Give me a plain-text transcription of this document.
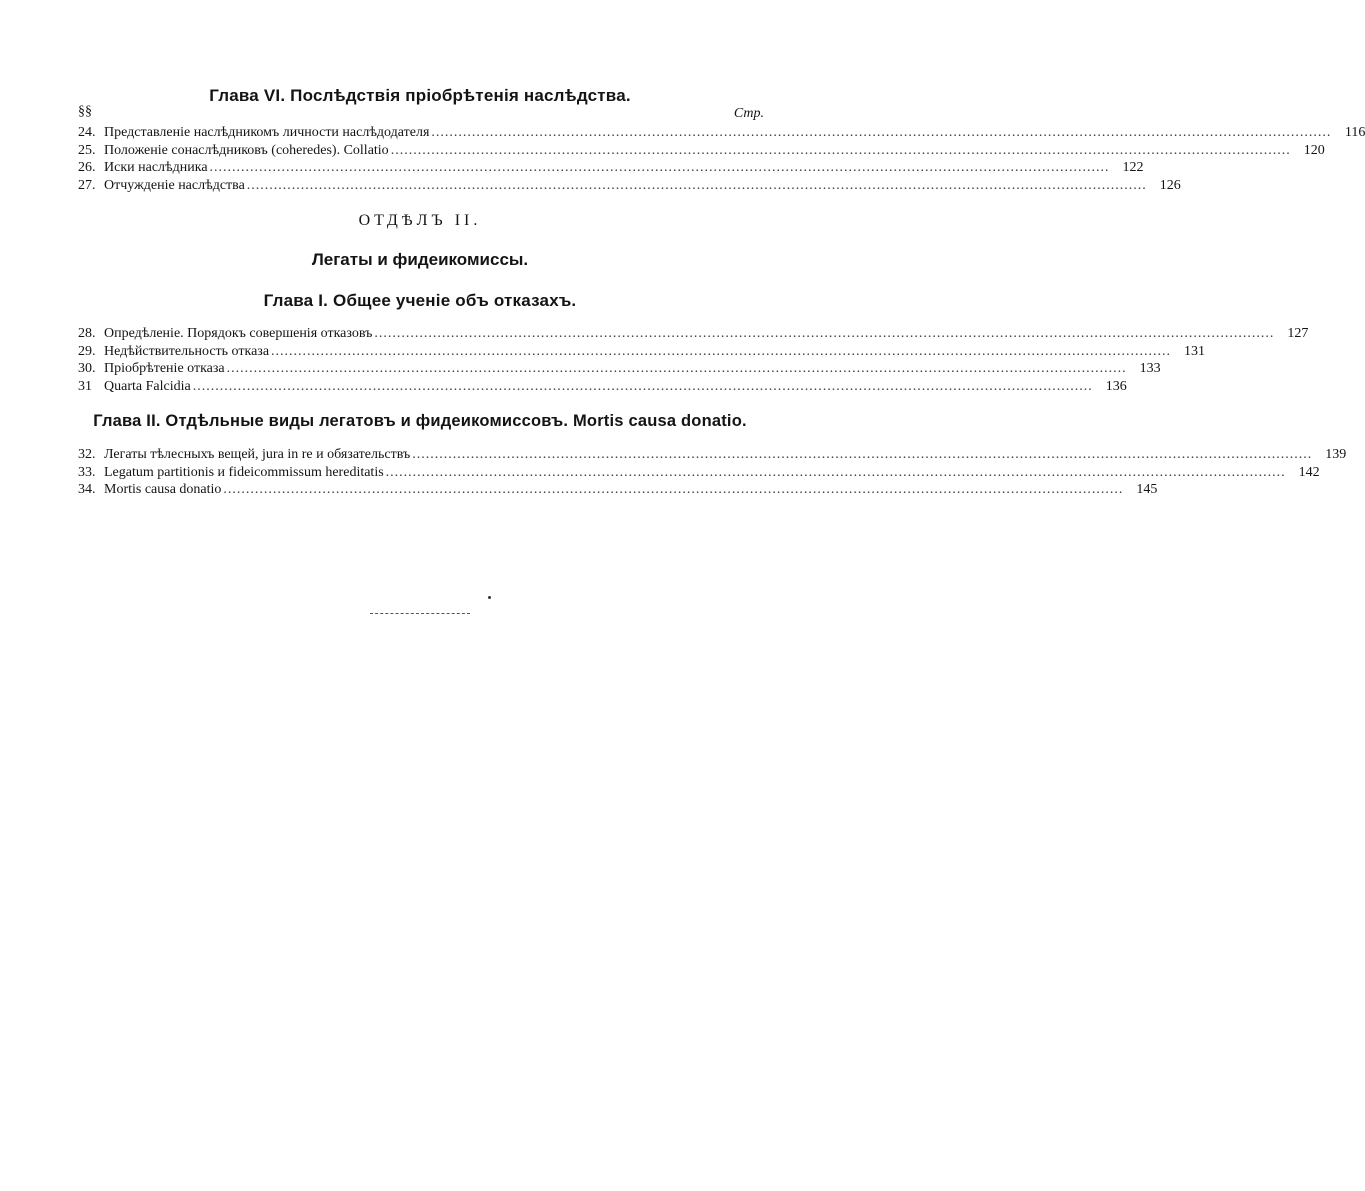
Глава VI. Послѣдствія пріобрѣтенія наслѣдства.
§§	Стр.
24. Представленіе наслѣдникомъ личности наслѣдодателя ........................................................................................................................................................................................................ 116
25. Положеніе сонаслѣдниковъ (coheredes). Collatio ........................................................................................................................................................................................................ 120
26. Иски наслѣдника ........................................................................................................................................................................................................ 122
27. Отчужденіе наслѣдства ........................................................................................................................................................................................................ 126
ОТДѢЛЪ II.
Легаты и фидеикомиссы.
Глава I. Общее ученіе объ отказахъ.
28. Опредѣленіе. Порядокъ совершенія отказовъ ........................................................................................................................................................................................................ 127
29. Недѣйствительность отказа ........................................................................................................................................................................................................ 131
30. Пріобрѣтеніе отказа ........................................................................................................................................................................................................ 133
31 Quarta Falcidia ........................................................................................................................................................................................................ 136
Глава II. Отдѣльные виды легатовъ и фидеикомиссовъ. Mortis causa donatio.
32. Легаты тѣлесныхъ вещей, jura in re и обязательствъ ........................................................................................................................................................................................................ 139
33. Legatum partitionis и fideicommissum hereditatis ........................................................................................................................................................................................................ 142
34. Mortis causa donatio ........................................................................................................................................................................................................ 145
